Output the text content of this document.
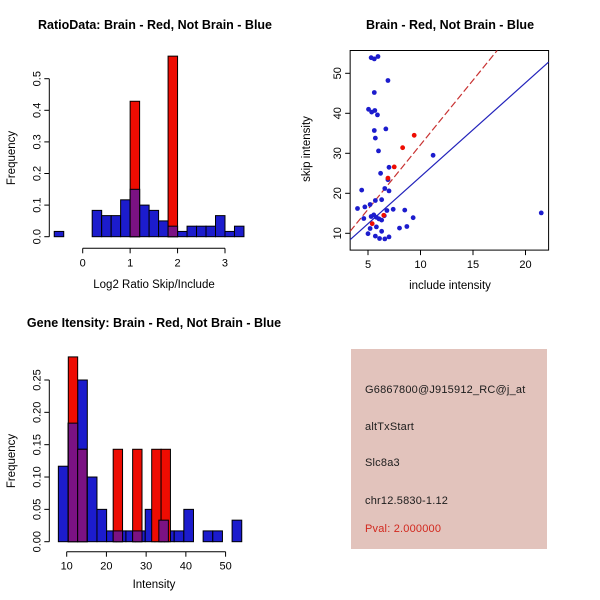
RatioData: Brain - Red, Not Brain - Blue
Log2 Ratio Skip/Include
Frequency
0.0
0.1
0.2
0.3
0.4
0.5
0	1	2	3
Brain - Red, Not Brain - Blue
include intensity
skip intensity
5	10	15	20
10
20
30
40
50
Gene Itensity: Brain - Red, Not Brain - Blue
Intensity
Frequency
0.00
0.05
0.10
0.15
0.20
0.25
10 20 30 40 50
G6867800@J915912_RC@j_at
altTxStart
Slc8a3
chr12.5830-1.12
Pval: 2.000000
